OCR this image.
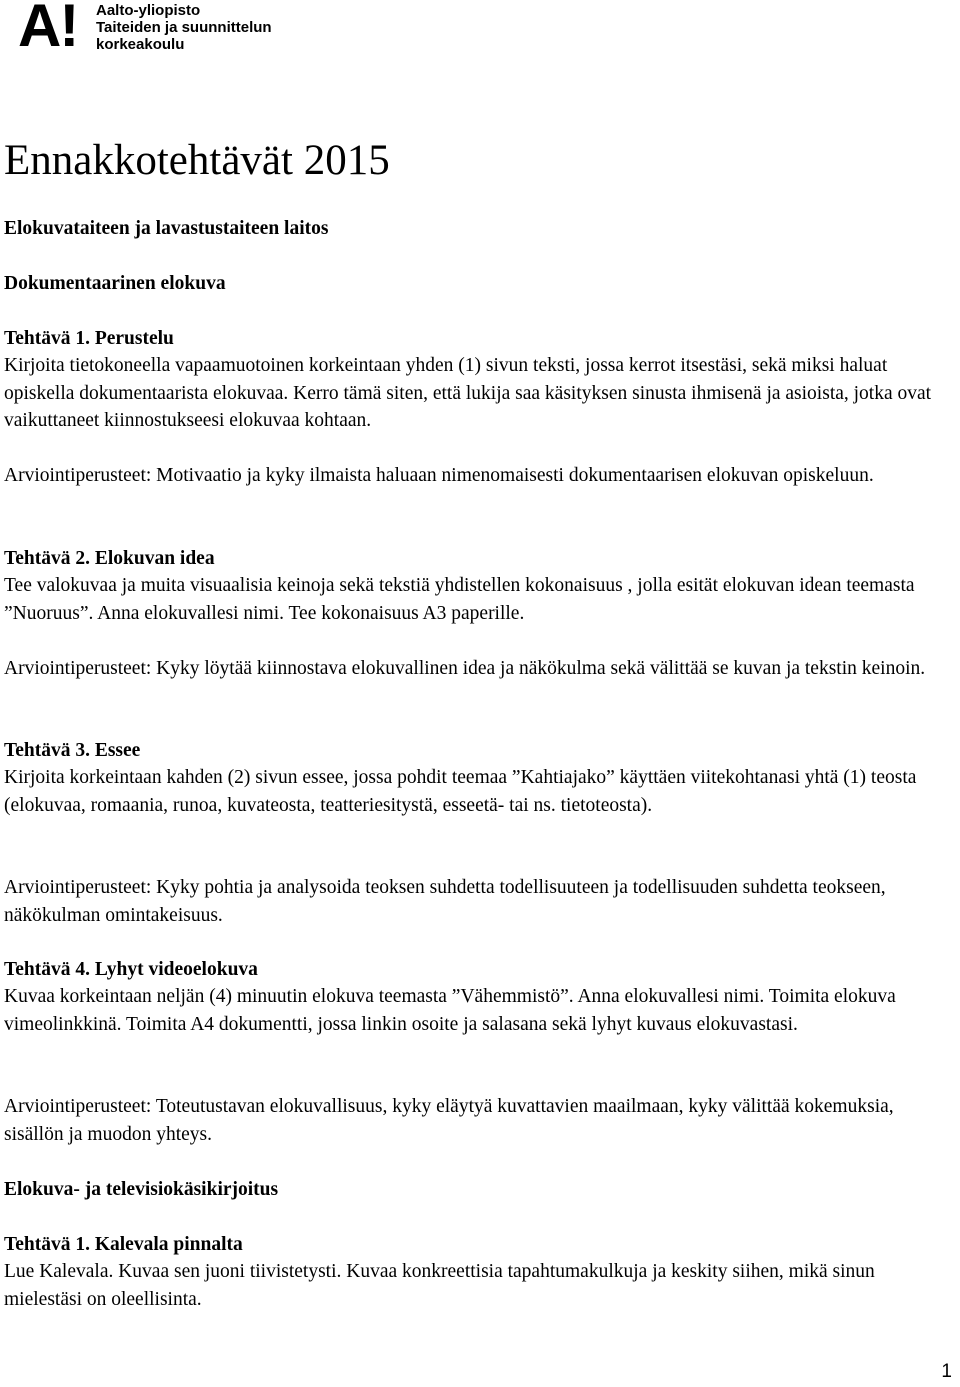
A! Aalto-yliopisto
Taiteiden ja suunnittelun
korkeakoulu
Ennakkotehtävät 2015

Elokuvataiteen ja lavastustaiteen laitos

Dokumentaarinen elokuva

Tehtävä 1. Perustelu

Kirjoita tietokoneella vapaamuotoinen korkeintaan yhden (1) sivun teksti, jossa kerrot itsestäsi, sekä miksi haluat opiskella dokumentaarista elokuvaa. Kerro tämä siten, että lukija saa käsityksen sinusta ihmisenä ja asioista, jotka ovat vaikuttaneet kiinnostukseesi elokuvaa kohtaan.

Arviointiperusteet: Motivaatio ja kyky ilmaista haluaan nimenomaisesti dokumentaarisen elokuvan opiskeluun.

Tehtävä 2. Elokuvan idea

Tee valokuvaa ja muita visuaalisia keinoja sekä tekstiä yhdistellen kokonaisuus , jolla esität elokuvan idean teemasta ”Nuoruus”. Anna elokuvallesi nimi. Tee kokonaisuus A3 paperille.

Arviointiperusteet: Kyky löytää kiinnostava elokuvallinen idea ja näkökulma sekä välittää se kuvan ja tekstin keinoin.

Tehtävä 3. Essee

Kirjoita korkeintaan kahden (2) sivun essee, jossa pohdit teemaa ”Kahtiajako” käyttäen viitekohtanasi yhtä (1) teosta (elokuvaa, romaania, runoa, kuvateosta, teatteriesitystä, esseetä- tai ns. tietoteosta).

Arviointiperusteet: Kyky pohtia ja analysoida teoksen suhdetta todellisuuteen ja todellisuuden suhdetta teokseen, näkökulman omintakeisuus.

Tehtävä 4. Lyhyt videoelokuva

Kuvaa korkeintaan neljän (4) minuutin elokuva teemasta ”Vähemmistö”. Anna elokuvallesi nimi. Toimita elokuva vimeolinkkinä. Toimita A4 dokumentti, jossa linkin osoite ja salasana sekä lyhyt kuvaus elokuvastasi.

Arviointiperusteet: Toteutustavan elokuvallisuus, kyky eläytyä kuvattavien maailmaan, kyky välittää kokemuksia, sisällön ja muodon yhteys.

Elokuva- ja televisiokäsikirjoitus

Tehtävä 1. Kalevala pinnalta

Lue Kalevala. Kuvaa sen juoni tiivistetysti. Kuvaa konkreettisia tapahtumakulkuja ja keskity siihen, mikä sinun mielestäsi on oleellisinta.

1
